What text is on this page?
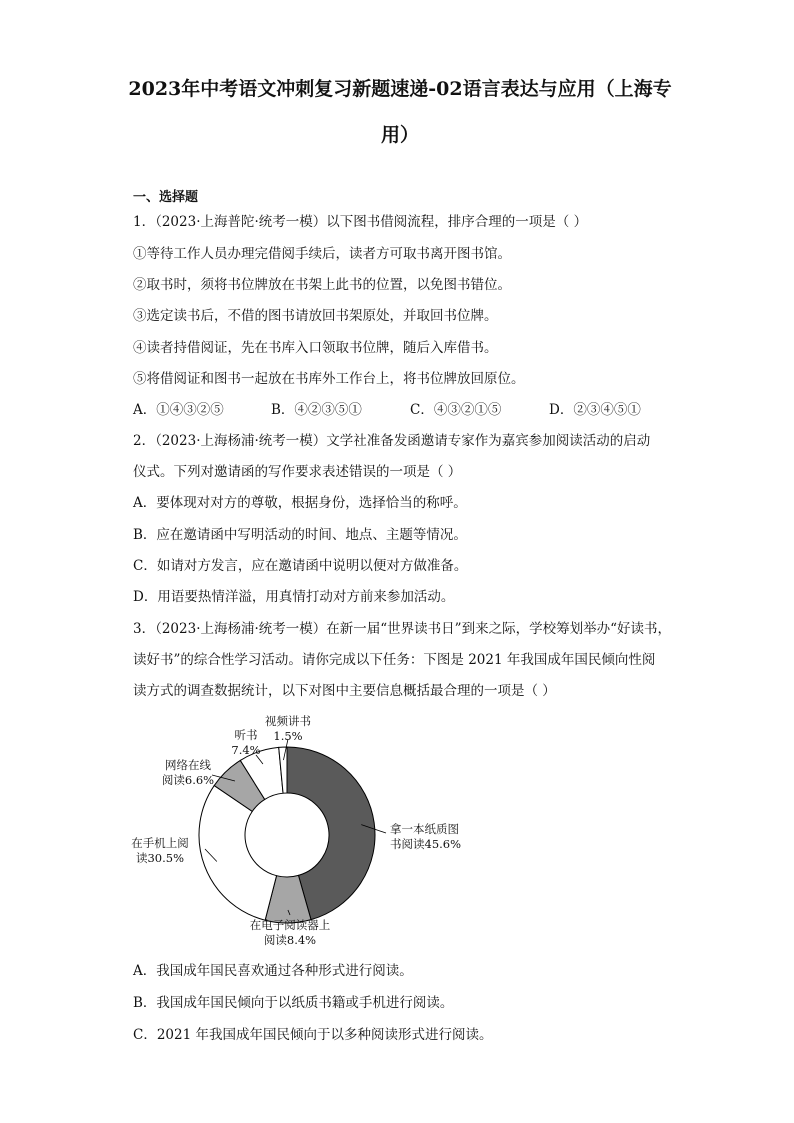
2023年中考语文冲刺复习新题速递-02语言表达与应用（上海专用）
一、选择题
1．（2023·上海普陀·统考一模）以下图书借阅流程，排序合理的一项是（ ）
①等待工作人员办理完借阅手续后，读者方可取书离开图书馆。
②取书时，须将书位牌放在书架上此书的位置，以免图书错位。
③选定读书后，不借的图书请放回书架原处，并取回书位牌。
④读者持借阅证，先在书库入口领取书位牌，随后入库借书。
⑤将借阅证和图书一起放在书库外工作台上，将书位牌放回原位。
A．①④③②⑤	B．④②③⑤①	C．④③②①⑤	D．②③④⑤①
2．（2023·上海杨浦·统考一模）文学社准备发函邀请专家作为嘉宾参加阅读活动的启动
仪式。下列对邀请函的写作要求表述错误的一项是（ ）
A．要体现对对方的尊敬，根据身份，选择恰当的称呼。
B．应在邀请函中写明活动的时间、地点、主题等情况。
C．如请对方发言，应在邀请函中说明以便对方做准备。
D．用语要热情洋溢，用真情打动对方前来参加活动。
3．（2023·上海杨浦·统考一模）在新一届“世界读书日”到来之际，学校筹划举办“好读书，
读好书”的综合性学习活动。请你完成以下任务：下图是 2021 年我国成年国民倾向性阅
读方式的调查数据统计，以下对图中主要信息概括最合理的一项是（ ）
拿一本纸质图书阅读45.6%
在电子阅读器上阅读8.4%
在手机上阅读30.5%
网络在线阅读6.6%
听书 7.4%
视频讲书 1.5%
A．我国成年国民喜欢通过各种形式进行阅读。
B．我国成年国民倾向于以纸质书籍或手机进行阅读。
C．2021 年我国成年国民倾向于以多种阅读形式进行阅读。
